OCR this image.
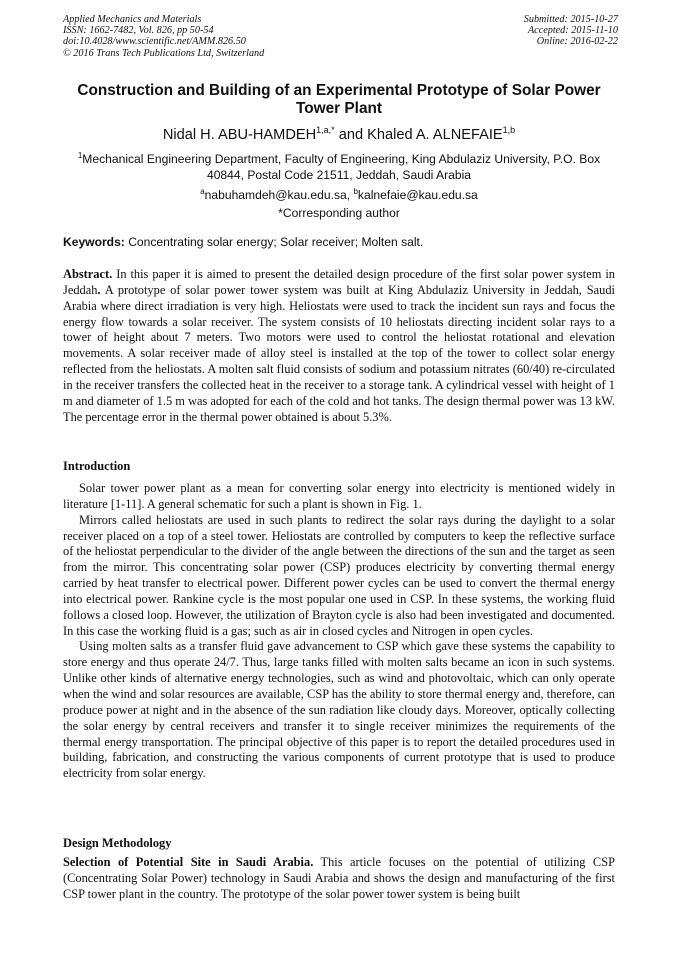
Applied Mechanics and Materials
ISSN: 1662-7482, Vol. 826, pp 50-54
doi:10.4028/www.scientific.net/AMM.826.50
© 2016 Trans Tech Publications Ltd, Switzerland
Submitted: 2015-10-27
Accepted: 2015-11-10
Online: 2016-02-22
Construction and Building of an Experimental Prototype of Solar Power Tower Plant
Nidal H. ABU-$HAMDEH^{1,a,*}$ and Khaled A. ALNEFAIE$^{1,b}$
$^1$Mechanical Engineering Department, Faculty of Engineering, King Abdulaziz University, P.O. Box 40844, Postal Code 21511, Jeddah, Saudi Arabia
$^a$nabuhamdeh@kau.edu.sa, $^b$kalnefaie@kau.edu.sa
*Corresponding author
Keywords: Concentrating solar energy; Solar receiver; Molten salt.

Abstract. In this paper it is aimed to present the detailed design procedure of the first solar power system in Jeddah. A prototype of solar power tower system was built at King Abdulaziz University in Jeddah, Saudi Arabia where direct irradiation is very high. Heliostats were used to track the incident sun rays and focus the energy flow towards a solar receiver. The system consists of 10 heliostats directing incident solar rays to a tower of height about 7 meters. Two motors were used to control the heliostat rotational and elevation movements. A solar receiver made of alloy steel is installed at the top of the tower to collect solar energy reflected from the heliostats. A molten salt fluid consists of sodium and potassium nitrates (60/40) re-circulated in the receiver transfers the collected heat in the receiver to a storage tank. A cylindrical vessel with height of 1 m and diameter of 1.5 m was adopted for each of the cold and hot tanks. The design thermal power was 13 kW. The percentage error in the thermal power obtained is about 5.3%.

Introduction

Solar tower power plant as a mean for converting solar energy into electricity is mentioned widely in literature [1-11]. A general schematic for such a plant is shown in Fig. 1.

Mirrors called heliostats are used in such plants to redirect the solar rays during the daylight to a solar receiver placed on a top of a steel tower. Heliostats are controlled by computers to keep the reflective surface of the heliostat perpendicular to the divider of the angle between the directions of the sun and the target as seen from the mirror. This concentrating solar power (CSP) produces electricity by converting thermal energy carried by heat transfer to electrical power. Different power cycles can be used to convert the thermal energy into electrical power. Rankine cycle is the most popular one used in CSP. In these systems, the working fluid follows a closed loop. However, the utilization of Brayton cycle is also had been investigated and documented. In this case the working fluid is a gas; such as air in closed cycles and Nitrogen in open cycles.

Using molten salts as a transfer fluid gave advancement to CSP which gave these systems the capability to store energy and thus operate 24/7. Thus, large tanks filled with molten salts became an icon in such systems. Unlike other kinds of alternative energy technologies, such as wind and photovoltaic, which can only operate when the wind and solar resources are available, CSP has the ability to store thermal energy and, therefore, can produce power at night and in the absence of the sun radiation like cloudy days. Moreover, optically collecting the solar energy by central receivers and transfer it to single receiver minimizes the requirements of the thermal energy transportation. The principal objective of this paper is to report the detailed procedures used in building, fabrication, and constructing the various components of current prototype that is used to produce electricity from solar energy.

Design Methodology

Selection of Potential Site in Saudi Arabia. This article focuses on the potential of utilizing CSP (Concentrating Solar Power) technology in Saudi Arabia and shows the design and manufacturing of the first CSP tower plant in the country. The prototype of the solar power tower system is being built
